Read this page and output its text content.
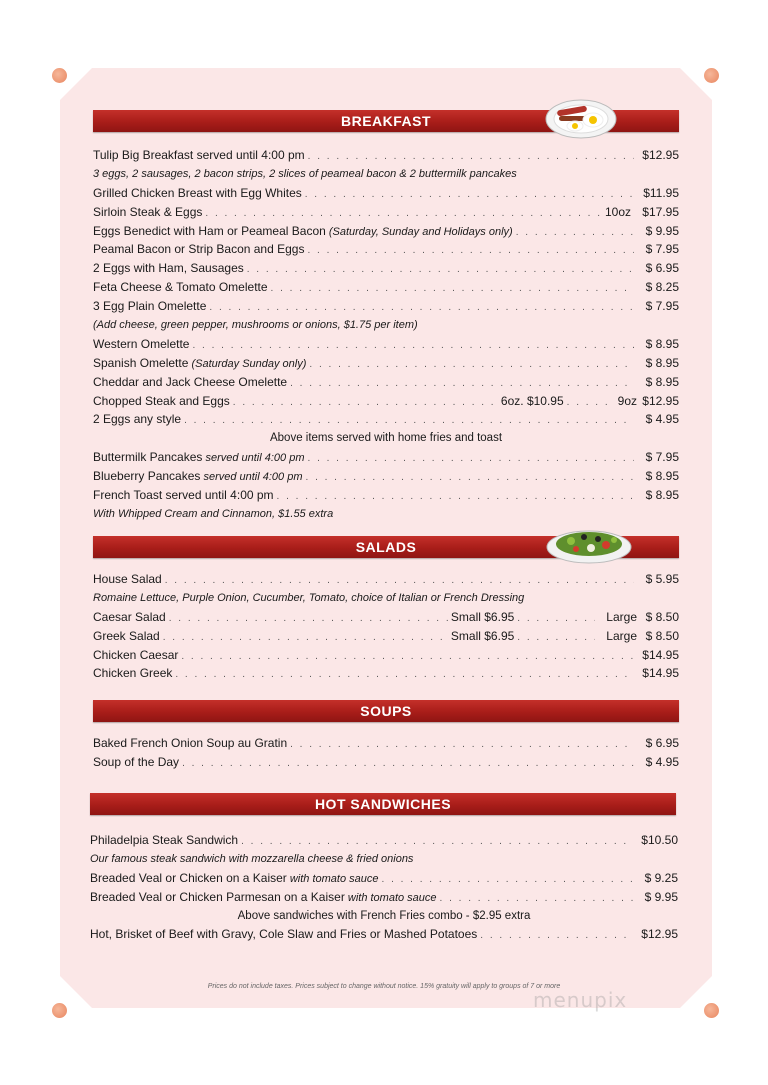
BREAKFAST
Tulip Big Breakfast served until 4:00 pm . . .	$12.95
3 eggs, 2 sausages, 2 bacon strips, 2 slices of peameal bacon & 2 buttermilk pancakes
Grilled Chicken Breast with Egg Whites . . .	$11.95
Sirloin Steak & Eggs . . .	10oz $17.95
Eggs Benedict with Ham or Peameal Bacon (Saturday, Sunday and Holidays only) . . .	$ 9.95
Peamal Bacon or Strip Bacon and Eggs . . .	$ 7.95
2 Eggs with Ham, Sausages . . .	$ 6.95
Feta Cheese & Tomato Omelette . . .	$ 8.25
3 Egg Plain Omelette . . .	$ 7.95
(Add cheese, green pepper, mushrooms or onions, $1.75 per item)
Western Omelette . . .	$ 8.95
Spanish Omelette (Saturday Sunday only) . . .	$ 8.95
Cheddar and Jack Cheese Omelette . . .	$ 8.95
Chopped Steak and Eggs . . .	6oz. $10.95 . . .	9oz $12.95
2 Eggs any style . . .	$ 4.95
Above items served with home fries and toast
Buttermilk Pancakes served until 4:00 pm . . .	$ 7.95
Blueberry Pancakes served until 4:00 pm . . .	$ 8.95
French Toast served until 4:00 pm . . .	$ 8.95
With Whipped Cream and Cinnamon, $1.55 extra
SALADS
House Salad . . .	$ 5.95
Romaine Lettuce, Purple Onion, Cucumber, Tomato, choice of Italian or French Dressing
Caesar Salad . . .	Small $6.95 . . .	Large $ 8.50
Greek Salad . . .	Small $6.95 . . .	Large $ 8.50
Chicken Caesar . . .	$14.95
Chicken Greek . . .	$14.95
SOUPS
Baked French Onion Soup au Gratin . . .	$ 6.95
Soup of the Day . . .	$ 4.95
HOT SANDWICHES
Philadelpia Steak Sandwich . . .	$10.50
Our famous steak sandwich with mozzarella cheese & fried onions
Breaded Veal or Chicken on a Kaiser with tomato sauce . . .	$ 9.25
Breaded Veal or Chicken Parmesan on a Kaiser with tomato sauce . . .	$ 9.95
Above sandwiches with French Fries combo - $2.95 extra
Hot, Brisket of Beef with Gravy, Cole Slaw and Fries or Mashed Potatoes . . .	$12.95
Prices do not include taxes. Prices subject to change without notice. 15% gratuity will apply to groups of 7 or more
menupix
